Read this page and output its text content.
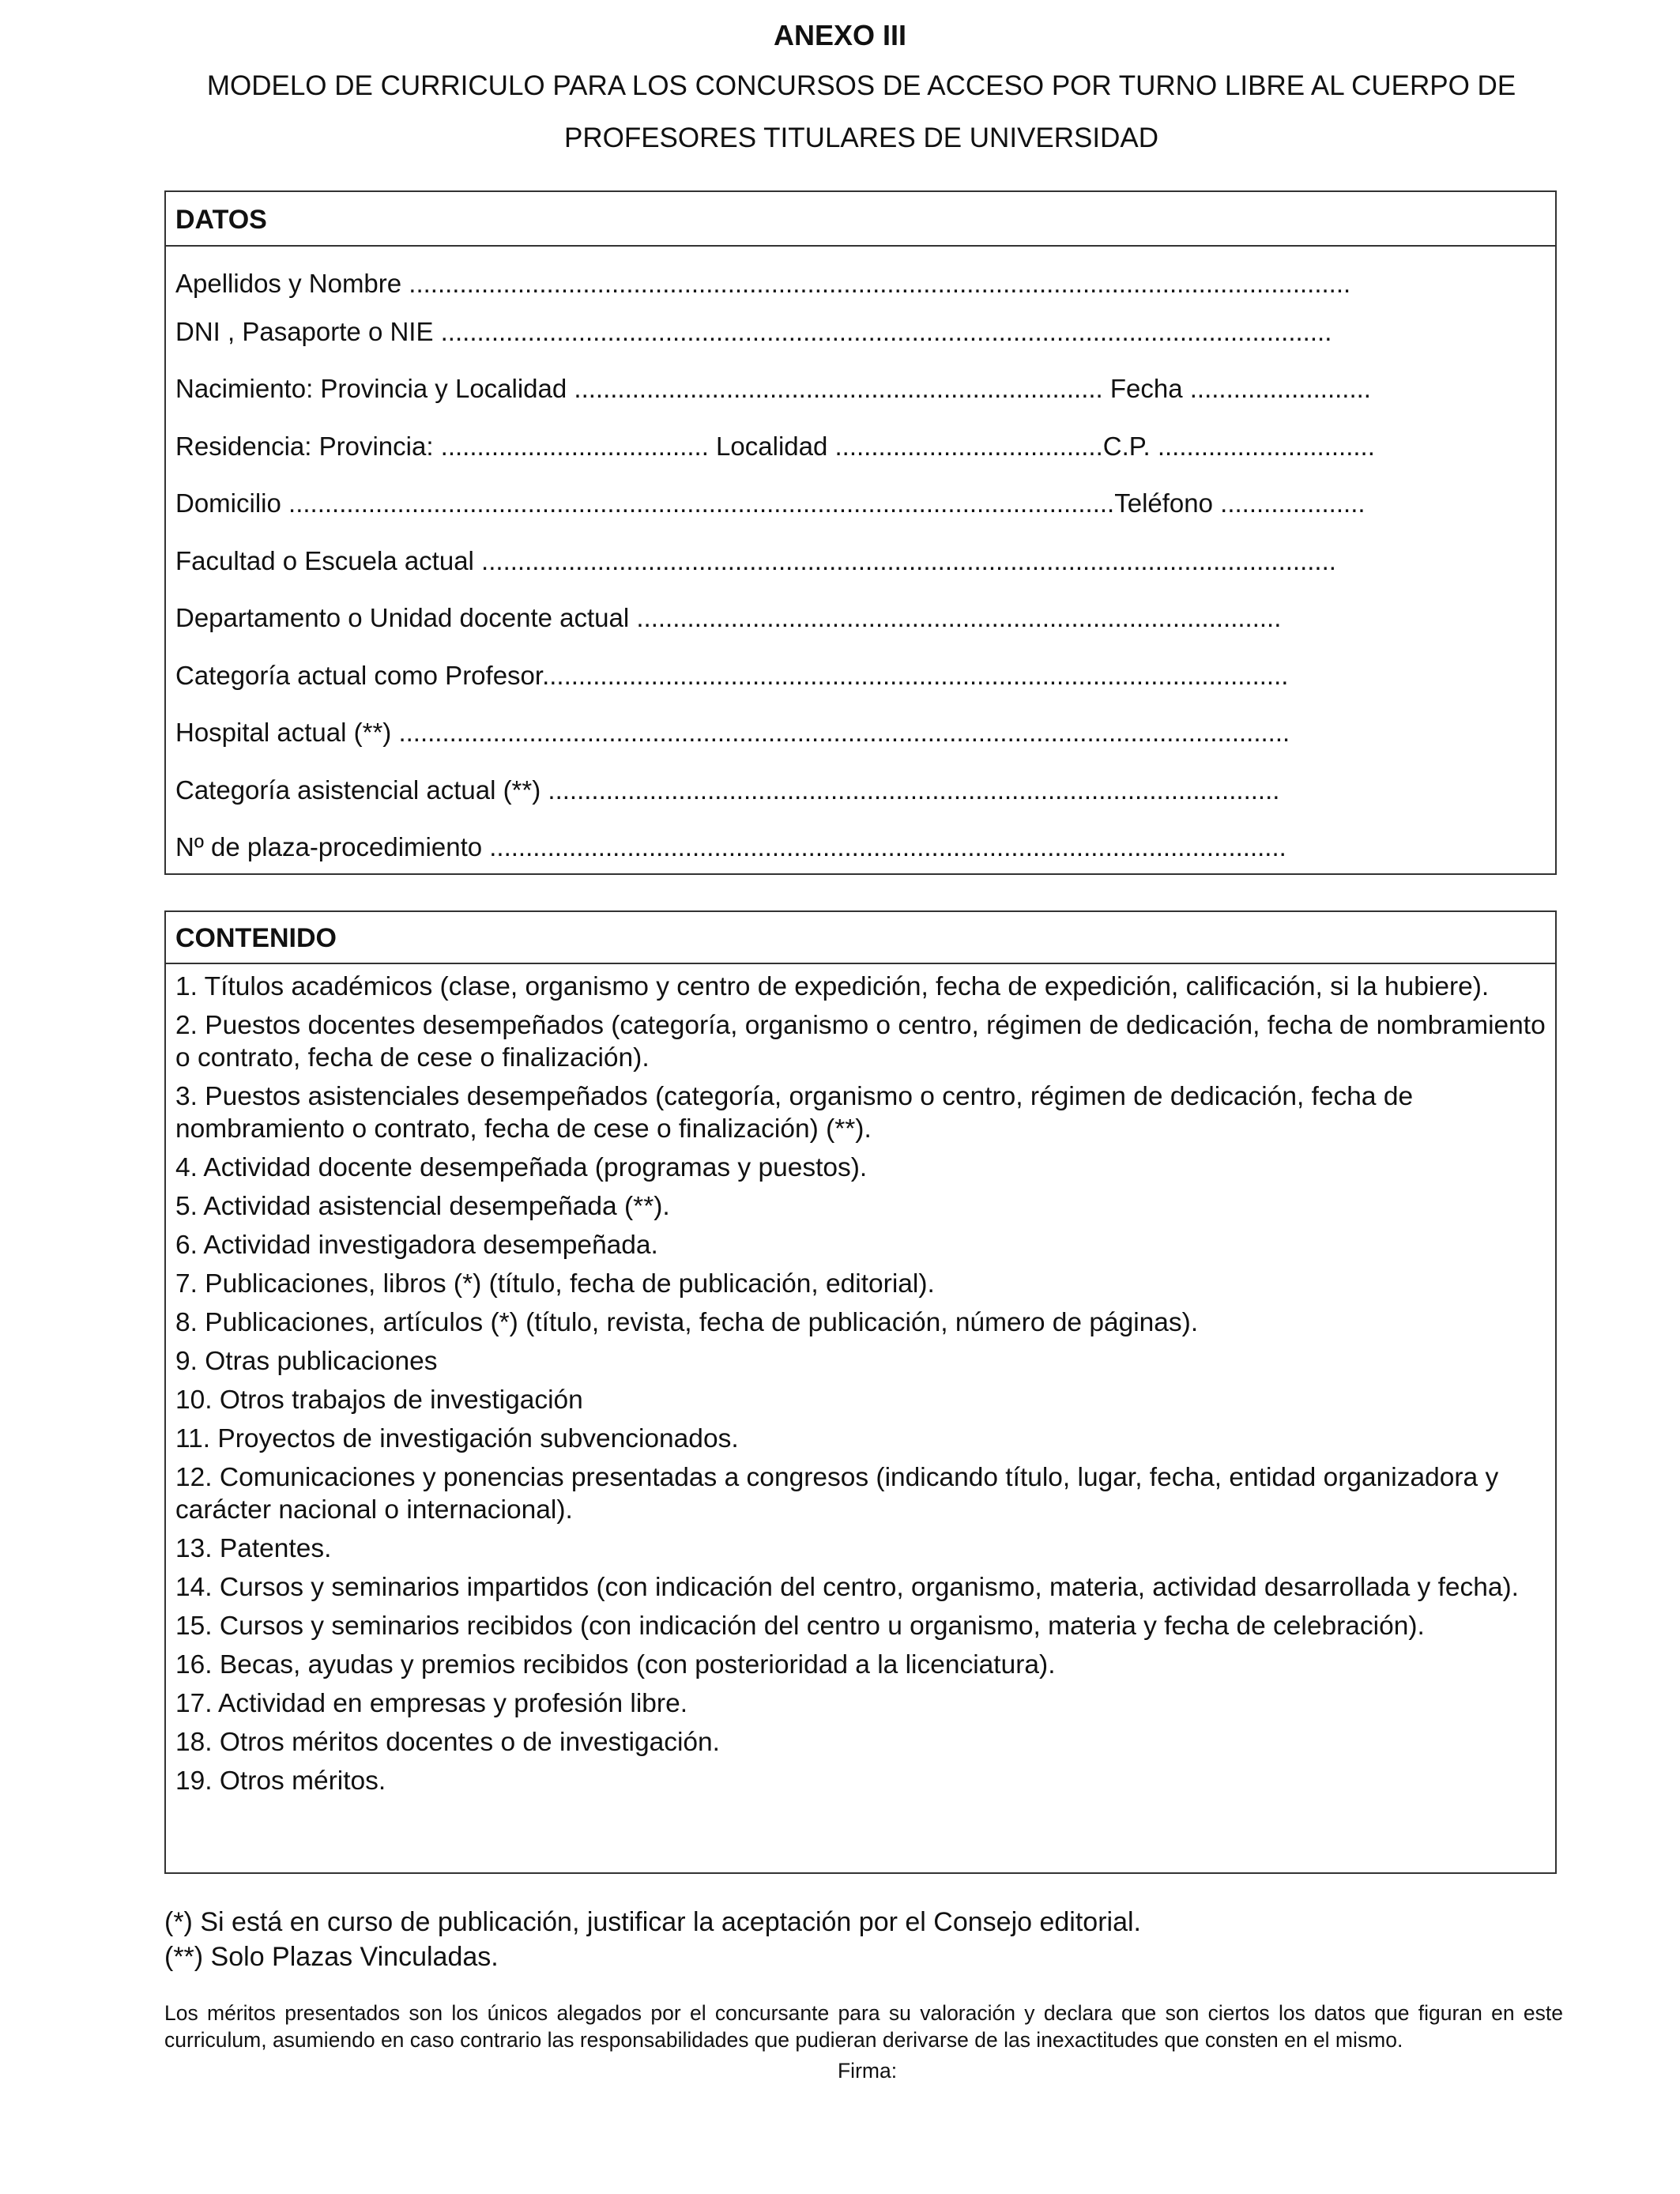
ANEXO III
MODELO DE CURRICULO PARA LOS CONCURSOS DE ACCESO POR TURNO LIBRE AL CUERPO DE
PROFESORES TITULARES DE UNIVERSIDAD
DATOS
Apellidos y Nombre ..................................................................................................................................
DNI , Pasaporte o NIE ...........................................................................................................................
Nacimiento: Provincia y Localidad ......................................................................... Fecha .........................
Residencia: Provincia: ..................................... Localidad .....................................C.P. ..............................
Domicilio ..................................................................................................................Teléfono ....................
Facultad o Escuela actual ......................................................................................................................
Departamento o Unidad docente actual .........................................................................................
Categoría actual como Profesor.......................................................................................................
Hospital actual (**) ...........................................................................................................................
Categoría asistencial actual (**) .....................................................................................................
Nº de plaza-procedimiento ..............................................................................................................
CONTENIDO

1. Títulos académicos (clase, organismo y centro de expedición, fecha de expedición, calificación, si la hubiere).

2. Puestos docentes desempeñados (categoría, organismo o centro, régimen de dedicación, fecha de nombramiento o contrato, fecha de cese o finalización).

3. Puestos asistenciales desempeñados (categoría, organismo o centro, régimen de dedicación, fecha de nombramiento o contrato, fecha de cese o finalización) (**).

4. Actividad docente desempeñada (programas y puestos).

5. Actividad asistencial desempeñada (**).

6. Actividad investigadora desempeñada.

7. Publicaciones, libros (*) (título, fecha de publicación, editorial).

8. Publicaciones, artículos (*) (título, revista, fecha de publicación, número de páginas).

9. Otras publicaciones

10. Otros trabajos de investigación

11. Proyectos de investigación subvencionados.

12. Comunicaciones y ponencias presentadas a congresos (indicando título, lugar, fecha, entidad organizadora y carácter nacional o internacional).

13. Patentes.

14. Cursos y seminarios impartidos (con indicación del centro, organismo, materia, actividad desarrollada y fecha).

15. Cursos y seminarios recibidos (con indicación del centro u organismo, materia y fecha de celebración).

16. Becas, ayudas y premios recibidos (con posterioridad a la licenciatura).

17. Actividad en empresas y profesión libre.

18. Otros méritos docentes o de investigación.

19. Otros méritos.

(*) Si está en curso de publicación, justificar la aceptación por el Consejo editorial.
(**) Solo Plazas Vinculadas.
Los méritos presentados son los únicos alegados por el concursante para su valoración y declara que son ciertos los datos que figuran en este curriculum, asumiendo en caso contrario las responsabilidades que pudieran derivarse de las inexactitudes que consten en el mismo.
Firma:
